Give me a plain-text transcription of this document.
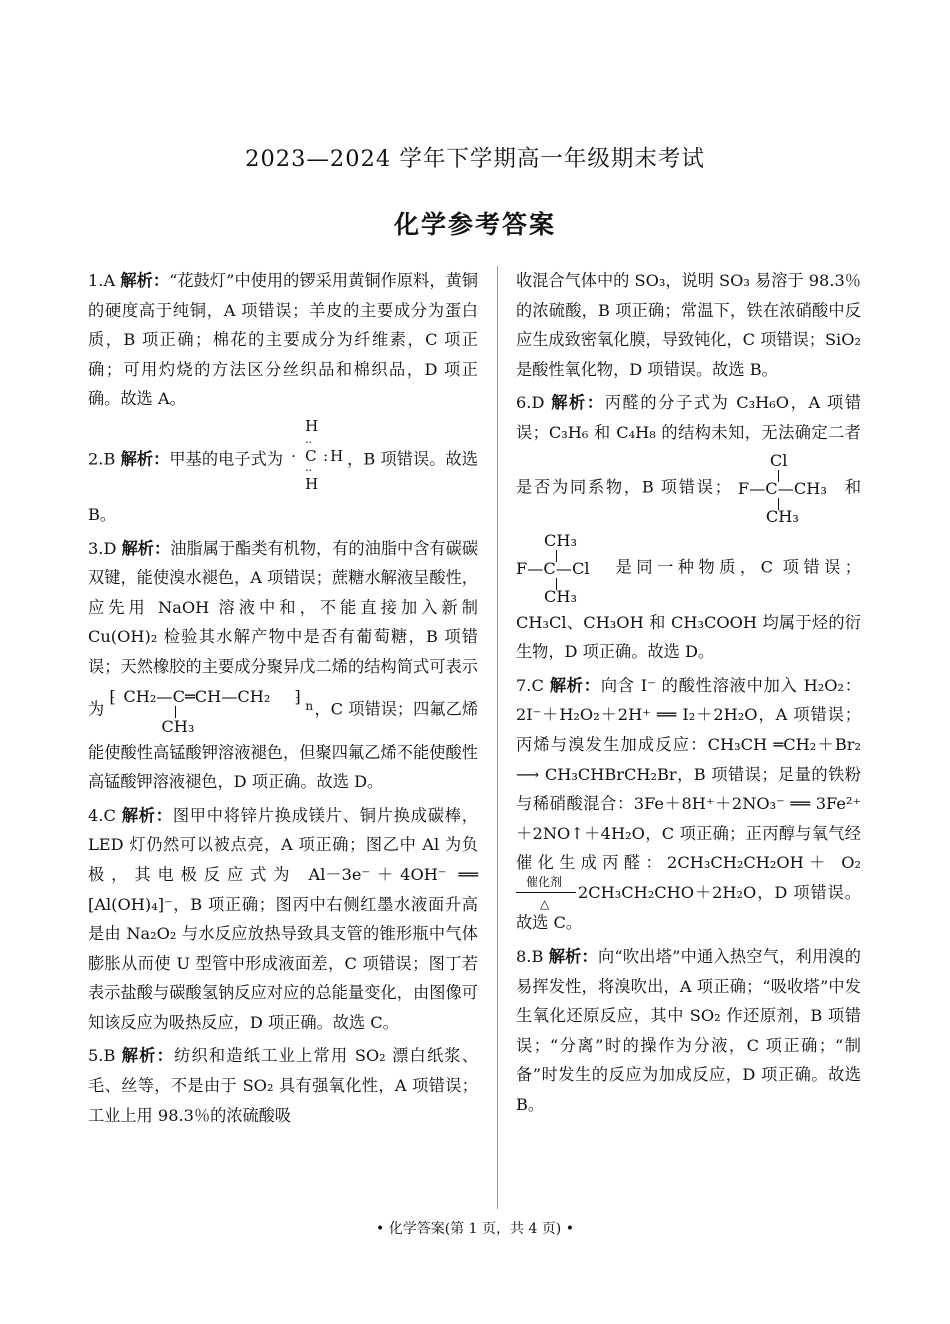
2023—2024 学年下学期高一年级期末考试
化学参考答案

1.A 解析：“花鼓灯”中使用的锣采用黄铜作原料，黄铜的硬度高于纯铜，A 项错误；羊皮的主要成分为蛋白质，B 项正确；棉花的主要成分为纤维素，C 项正确；可用灼烧的方法区分丝织品和棉织品，D 项正确。故选 A。

2.B 解析：甲基的电子式为
H
··
· C : H
··
H
，B 项错误。故选 B。

3.D 解析：油脂属于酯类有机物，有的油脂中含有碳碳双键，能使溴水褪色，A 项错误；蔗糖水解液呈酸性，应先用 NaOH 溶液中和，不能直接加入新制 Cu(OH)₂ 检验其水解产物中是否有葡萄糖，B 项错误；天然橡胶的主要成分聚异戊二烯的结构简式可表示为
⁅ CH₂—C═CH—CH₂ ⁆ n
CH₃
，C 项错误；四氟乙烯能使酸性高锰酸钾溶液褪色，但聚四氟乙烯不能使酸性高锰酸钾溶液褪色，D 项正确。故选 D。

4.C 解析：图甲中将锌片换成镁片、铜片换成碳棒，LED 灯仍然可以被点亮，A 项正确；图乙中 Al 为负极，其电极反应式为 Al－3e⁻＋4OH⁻ ══ [Al(OH)₄]⁻，B 项正确；图丙中右侧红墨水液面升高是由 Na₂O₂ 与水反应放热导致具支管的锥形瓶中气体膨胀从而使 U 型管中形成液面差，C 项错误；图丁若表示盐酸与碳酸氢钠反应对应的总能量变化，由图像可知该反应为吸热反应，D 项正确。故选 C。

5.B 解析：纺织和造纸工业上常用 SO₂ 漂白纸浆、毛、丝等，不是由于 SO₂ 具有强氧化性，A 项错误；工业上用 98.3％的浓硫酸吸

收混合气体中的 SO₃，说明 SO₃ 易溶于 98.3％的浓硫酸，B 项正确；常温下，铁在浓硝酸中反应生成致密氧化膜，导致钝化，C 项错误；SiO₂ 是酸性氧化物，D 项错误。故选 B。

6.D 解析：丙醛的分子式为 C₃H₆O，A 项错误；C₃H₆ 和 C₄H₈ 的结构未知，无法确定二者是否为同系物，B 项错误；
Cl
F—C—CH₃
CH₃
和
CH₃
F—C—Cl
CH₃
是同一种物质，C 项错误；CH₃Cl、CH₃OH 和 CH₃COOH 均属于烃的衍生物，D 项正确。故选 D。

7.C 解析：向含 I⁻ 的酸性溶液中加入 H₂O₂：2I⁻＋H₂O₂＋2H⁺ ══ I₂＋2H₂O，A 项错误；丙烯与溴发生加成反应：CH₃CH ═CH₂＋Br₂ ⟶ CH₃CHBrCH₂Br，B 项错误；足量的铁粉与稀硝酸混合：3Fe＋8H⁺＋2NO₃⁻ ══ 3Fe²⁺＋2NO↑＋4H₂O，C 项正确；正丙醇与氧气经催化生成丙醛：2CH₃CH₂CH₂OH＋ O₂
催化剂
△
2CH₃CH₂CHO＋2H₂O，D 项错误。故选 C。

8.B 解析：向“吹出塔”中通入热空气，利用溴的易挥发性，将溴吹出，A 项正确；“吸收塔”中发生氧化还原反应，其中 SO₂ 作还原剂，B 项错误；“分离”时的操作为分液，C 项正确；“制备”时发生的反应为加成反应，D 项正确。故选 B。

• 化学答案(第 1 页，共 4 页) •
